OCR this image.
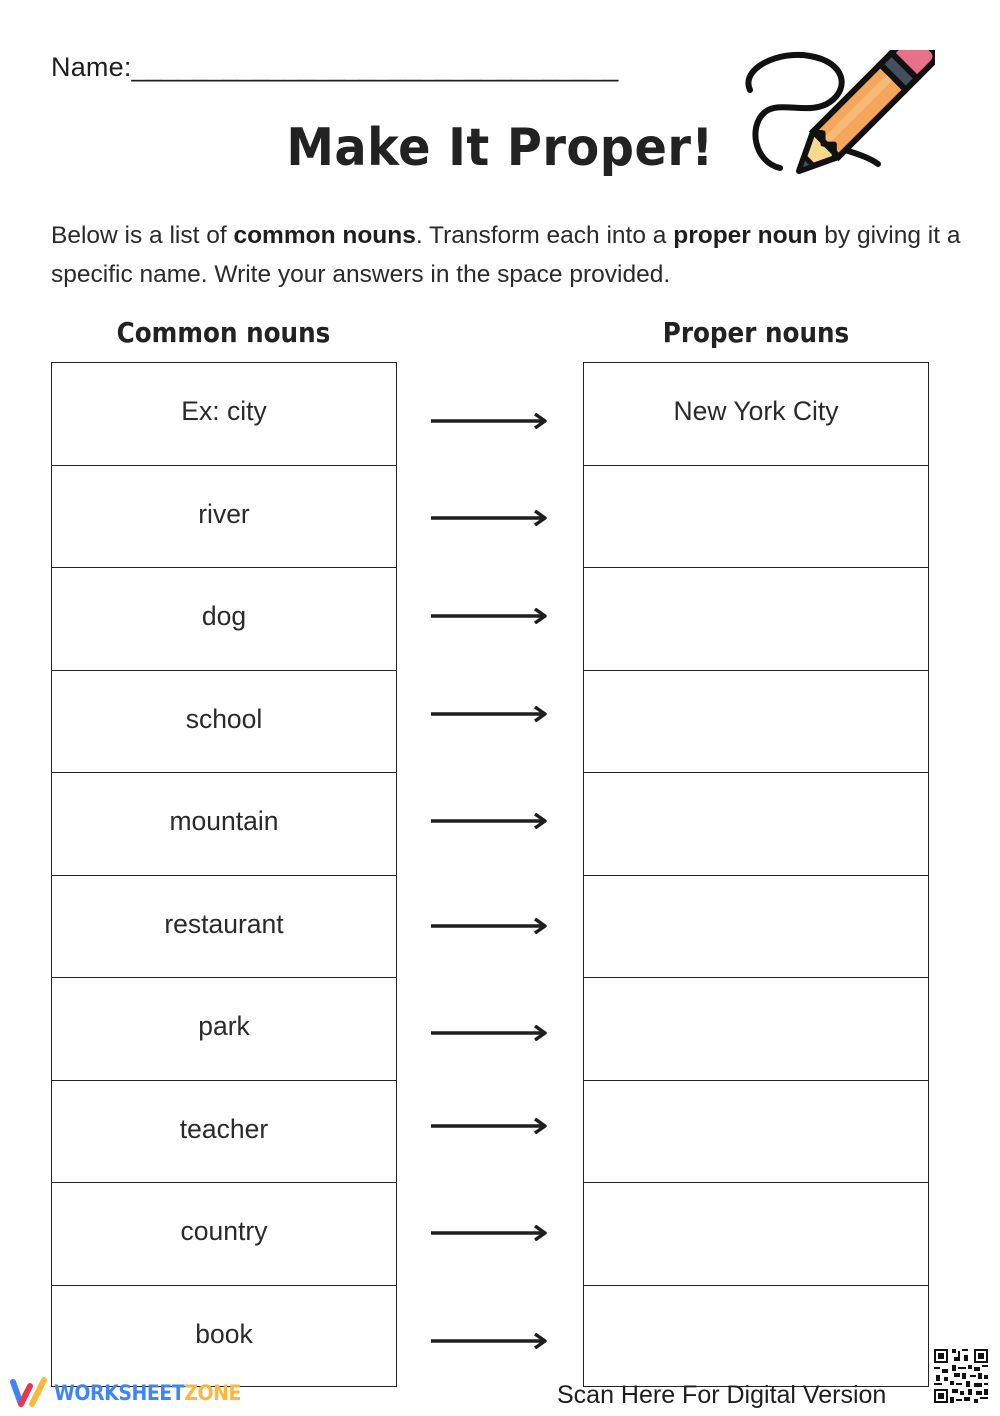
Name:________________________________
Make It Proper!
Below is a list of common nouns. Transform each into a proper noun by giving it a specific name. Write your answers in the space provided.
Common nouns	Proper nouns
Ex: city
river
dog
school
mountain
restaurant
park
teacher
country
book
New York City
WORKSHEETZONE	Scan Here For Digital Version
